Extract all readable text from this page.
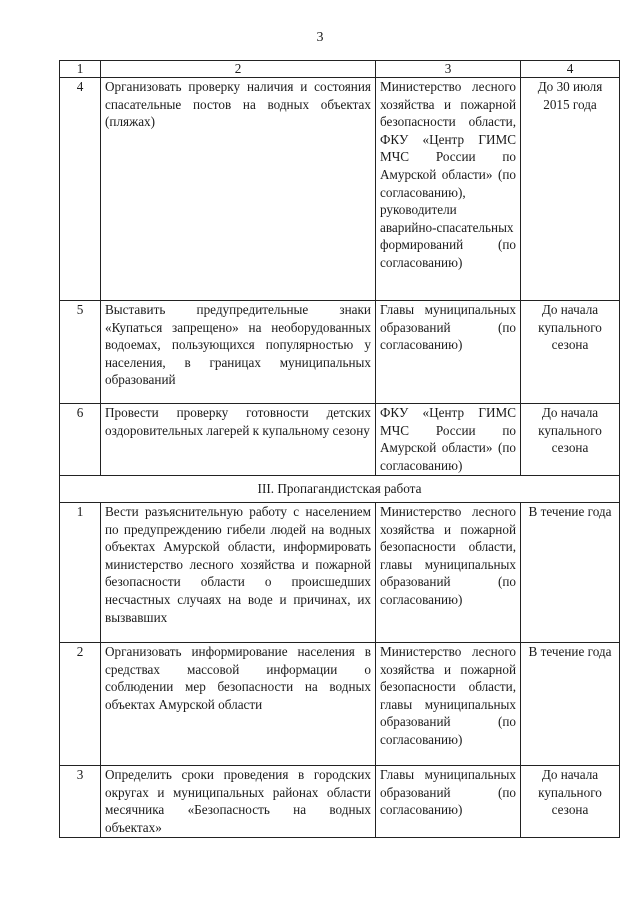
3
1	2	3	4
4	Организовать проверку наличия и состояния спасательные постов на водных объектах (пляжах)	Министерство лесного хозяйства и пожарной безопасности области, ФКУ «Центр ГИМС МЧС России по Амурской области» (по согласованию), руководители аварийно-спасательных формирований (по согласованию)	До 30 июля 2015 года
5	Выставить предупредительные знаки «Купаться запрещено» на необорудованных водоемах, пользующихся популярностью у населения, в границах муниципальных образований	Главы муниципальных образований (по согласованию)	До начала купального сезона
6	Провести проверку готовности детских оздоровительных лагерей к купальному сезону	ФКУ «Центр ГИМС МЧС России по Амурской области» (по согласованию)	До начала купального сезона
III. Пропагандистская работа			
1	Вести разъяснительную работу с населением по предупреждению гибели людей на водных объектах Амурской области, информировать министерство лесного хозяйства и пожарной безопасности области о происшедших несчастных случаях на воде и причинах, их вызвавших	Министерство лесного хозяйства и пожарной безопасности области, главы муниципальных образований (по согласованию)	В течение года
2	Организовать информирование населения в средствах массовой информации о соблюдении мер безопасности на водных объектах Амурской области	Министерство лесного хозяйства и пожарной безопасности области, главы муниципальных образований (по согласованию)	В течение года
3	Определить сроки проведения в городских округах и муниципальных районах области месячника «Безопасность на водных объектах»	Главы муниципальных образований (по согласованию)	До начала купального сезона
